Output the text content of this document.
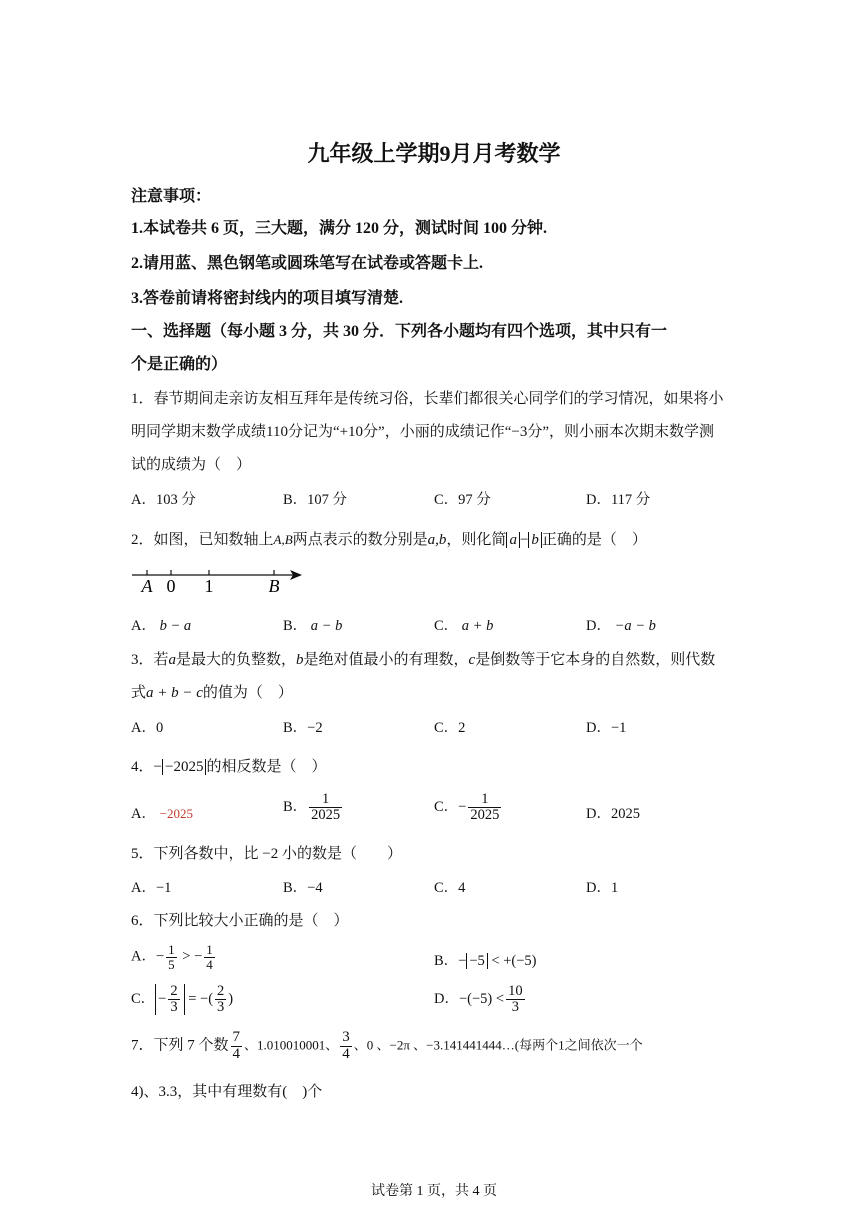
九年级上学期9月月考数学
注意事项：
1.本试卷共 6 页，三大题，满分 120 分，测试时间 100 分钟.
2.请用蓝、黑色钢笔或圆珠笔写在试卷或答题卡上.
3.答卷前请将密封线内的项目填写清楚.
一、选择题（每小题 3 分，共 30 分．下列各小题均有四个选项，其中只有一
个是正确的）
1．春节期间走亲访友相互拜年是传统习俗，长辈们都很关心同学们的学习情况，如果将小
明同学期末数学成绩110分记为“+10分”，小丽的成绩记作“−3分”，则小丽本次期末数学测
试的成绩为（　）
A．103 分	B．107 分	C．97 分	D．117 分
2．如图，已知数轴上A,B两点表示的数分别是a,b，则化简 a − b 正确的是（　）
A 0 1	B
A． b − a	B． a − b	C． a + b	D． −a − b
3．若a是最大的负整数，b是绝对值最小的有理数，c是倒数等于它本身的自然数，则代数
式a + b − c的值为（　）
A．0	B．−2	C．2	D．−1
4．− −2025 的相反数是（　）
A． −2025	B． $\frac{1}{2025}$	C．− $\frac{1}{2025}$	D．2025
5．下列各数中，比 −2 小的数是（　　）
A．−1	B．−4	C．4	D．1
6．下列比较大小正确的是（　）
A．− $\frac{1}{5}$ > − $\frac{1}{4}$	B．− −5 < +(−5)
C． − $\frac{2}{3}$ = −( $\frac{2}{3}$ )	D．$-(-5) < \frac{10}{3}$
7．下列 7 个数 $\frac{7}{4}$ 、1.010010001、 $\frac{3}{4}$ 、0 、−2π 、−3.141441444…(每两个1之间依次一个
4)、3.3，其中有理数有(　)个
试卷第 1 页，共 4 页
